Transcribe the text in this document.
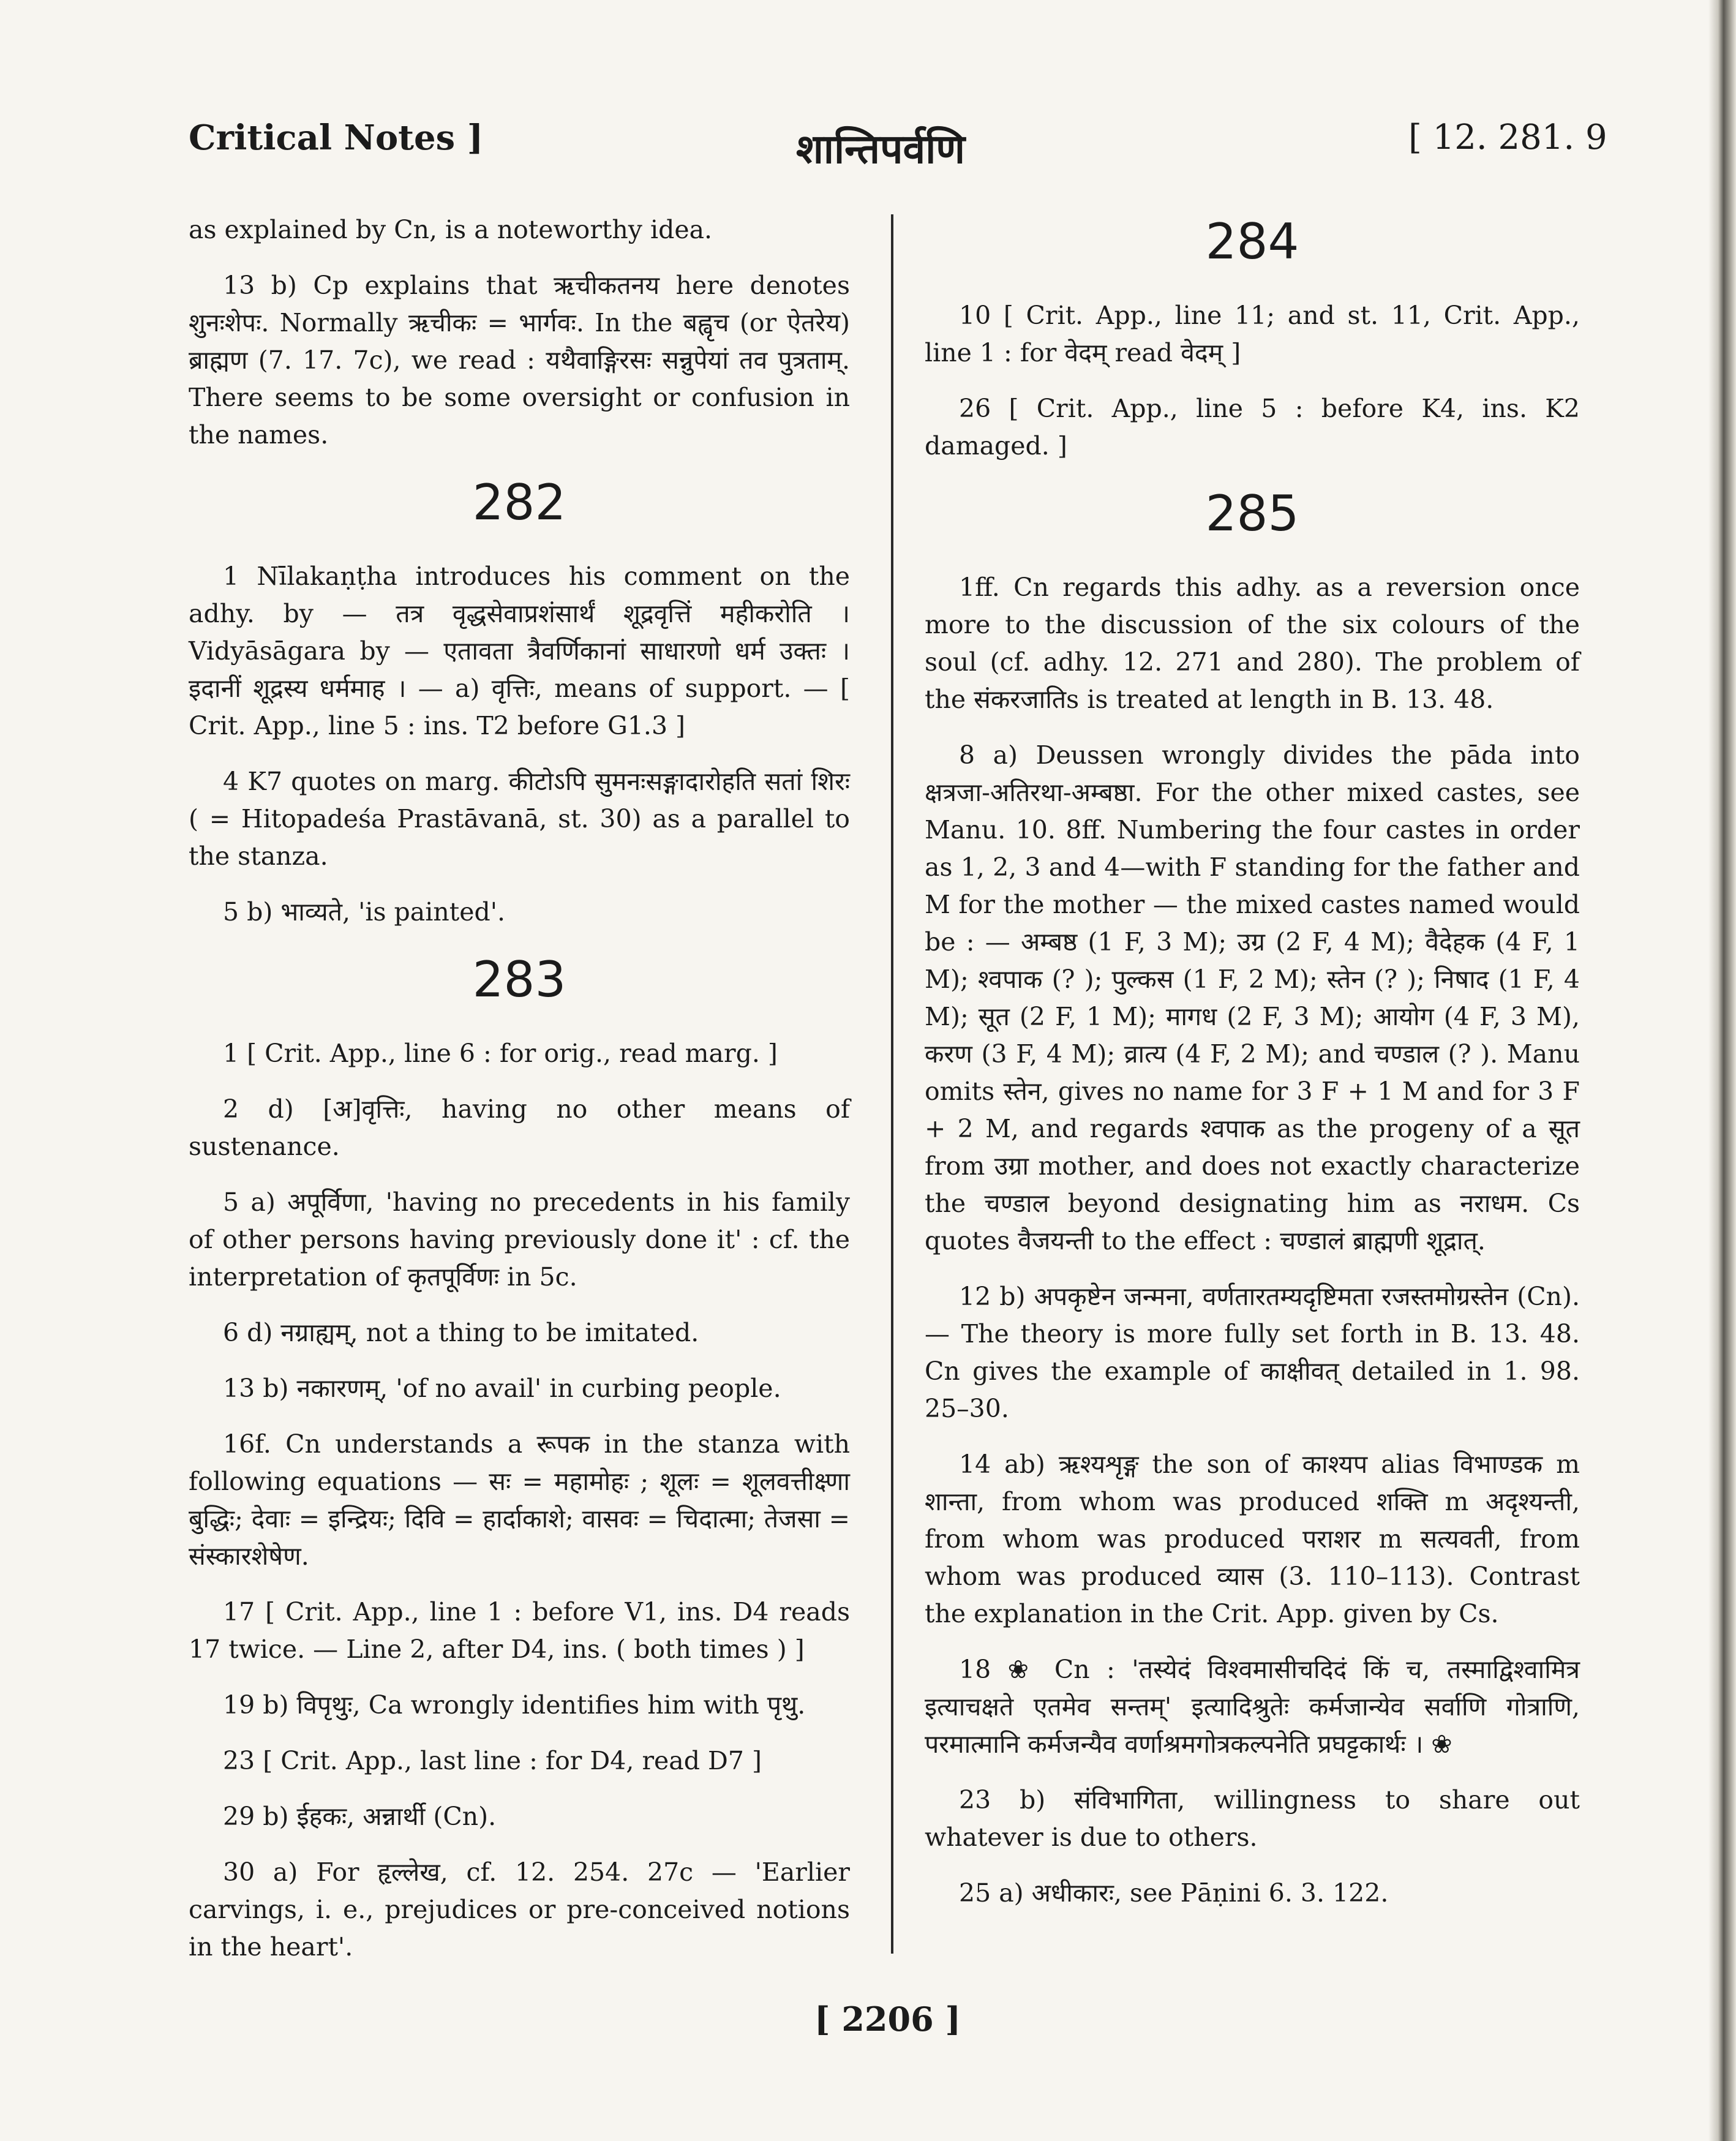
Critical Notes ]	शान्तिपर्वणि	[ 12. 281. 9

as explained by Cn, is a noteworthy idea.

13 b) Cp explains that ऋचीकतनय here denotes शुनःशेपः. Normally ऋचीकः = भार्गवः. In the बह्वृच (or ऐतरेय) ब्राह्मण (7. 17. 7c), we read : यथैवाङ्गिरसः सन्नुपेयां तव पुत्रताम्. There seems to be some oversight or confusion in the names.

282

1 Nīlakaṇṭha introduces his comment on the adhy. by — तत्र वृद्धसेवाप्रशंसार्थं शूद्रवृत्तिं महीकरोति । Vidyāsāgara by — एतावता त्रैवर्णिकानां साधारणो धर्म उक्तः । इदानीं शूद्रस्य धर्ममाह । — a) वृत्तिः, means of support. — [ Crit. App., line 5 : ins. T2 before G1.3 ]

4 K7 quotes on marg. कीटोऽपि सुमनःसङ्गादारोहति सतां शिरः ( = Hitopadeśa Prastāvanā, st. 30) as a parallel to the stanza.

5 b) भाव्यते, 'is painted'.

283

1 [ Crit. App., line 6 : for orig., read marg. ]

2 d) [अ]वृत्तिः, having no other means of sustenance.

5 a) अपूर्विणा, 'having no precedents in his family of other persons having previously done it' : cf. the interpretation of कृतपूर्विणः in 5c.

6 d) नग्राह्यम्, not a thing to be imitated.

13 b) नकारणम्, 'of no avail' in curbing people.

16f. Cn understands a रूपक in the stanza with following equations — सः = महामोहः ; शूलः = शूलवत्तीक्ष्णा बुद्धिः; देवाः = इन्द्रियः; दिवि = हार्दाकाशे; वासवः = चिदात्मा; तेजसा = संस्कारशेषेण.

17 [ Crit. App., line 1 : before V1, ins. D4 reads 17 twice. — Line 2, after D4, ins. ( both times ) ]

19 b) विपृथुः, Ca wrongly identifies him with पृथु.

23 [ Crit. App., last line : for D4, read D7 ]

29 b) ईहकः, अन्नार्थी (Cn).

30 a) For हृल्लेख, cf. 12. 254. 27c — 'Earlier carvings, i. e., prejudices or pre-conceived notions in the heart'.

284

10 [ Crit. App., line 11; and st. 11, Crit. App., line 1 : for वेदम् read वेदम् ]

26 [ Crit. App., line 5 : before K4, ins. K2 damaged. ]

285

1ff. Cn regards this adhy. as a reversion once more to the discussion of the six colours of the soul (cf. adhy. 12. 271 and 280). The problem of the संकरजातिs is treated at length in B. 13. 48.

8 a) Deussen wrongly divides the pāda into क्षत्रजा-अतिरथा-अम्बष्ठा. For the other mixed castes, see Manu. 10. 8ff. Numbering the four castes in order as 1, 2, 3 and 4—with F standing for the father and M for the mother — the mixed castes named would be : — अम्बष्ठ (1 F, 3 M); उग्र (2 F, 4 M); वैदेहक (4 F, 1 M); श्वपाक (? ); पुल्कस (1 F, 2 M); स्तेन (? ); निषाद (1 F, 4 M); सूत (2 F, 1 M); मागध (2 F, 3 M); आयोग (4 F, 3 M), करण (3 F, 4 M); व्रात्य (4 F, 2 M); and चण्डाल (? ). Manu omits स्तेन, gives no name for 3 F + 1 M and for 3 F + 2 M, and regards श्वपाक as the progeny of a सूत from उग्रा mother, and does not exactly characterize the चण्डाल beyond designating him as नराधम. Cs quotes वैजयन्ती to the effect : चण्डालं ब्राह्मणी शूद्रात्.

12 b) अपकृष्टेन जन्मना, वर्णतारतम्यदृष्टिमता रजस्तमोग्रस्तेन (Cn). — The theory is more fully set forth in B. 13. 48. Cn gives the example of काक्षीवत् detailed in 1. 98. 25–30.

14 ab) ऋश्यशृङ्ग the son of काश्यप alias विभाण्डक m शान्ता, from whom was produced शक्ति m अदृश्यन्ती, from whom was produced पराशर m सत्यवती, from whom was produced व्यास (3. 110–113). Contrast the explanation in the Crit. App. given by Cs.

18 ❀ Cn : 'तस्येदं विश्वमासीचदिदं किं च, तस्माद्विश्वामित्र इत्याचक्षते एतमेव सन्तम्' इत्यादिश्रुतेः कर्मजान्येव सर्वाणि गोत्राणि, परमात्मानि कर्मजन्यैव वर्णाश्रमगोत्रकल्पनेति प्रघट्टकार्थः । ❀

23 b) संविभागिता, willingness to share out whatever is due to others.

25 a) अधीकारः, see Pāṇini 6. 3. 122.

[ 2206 ]
